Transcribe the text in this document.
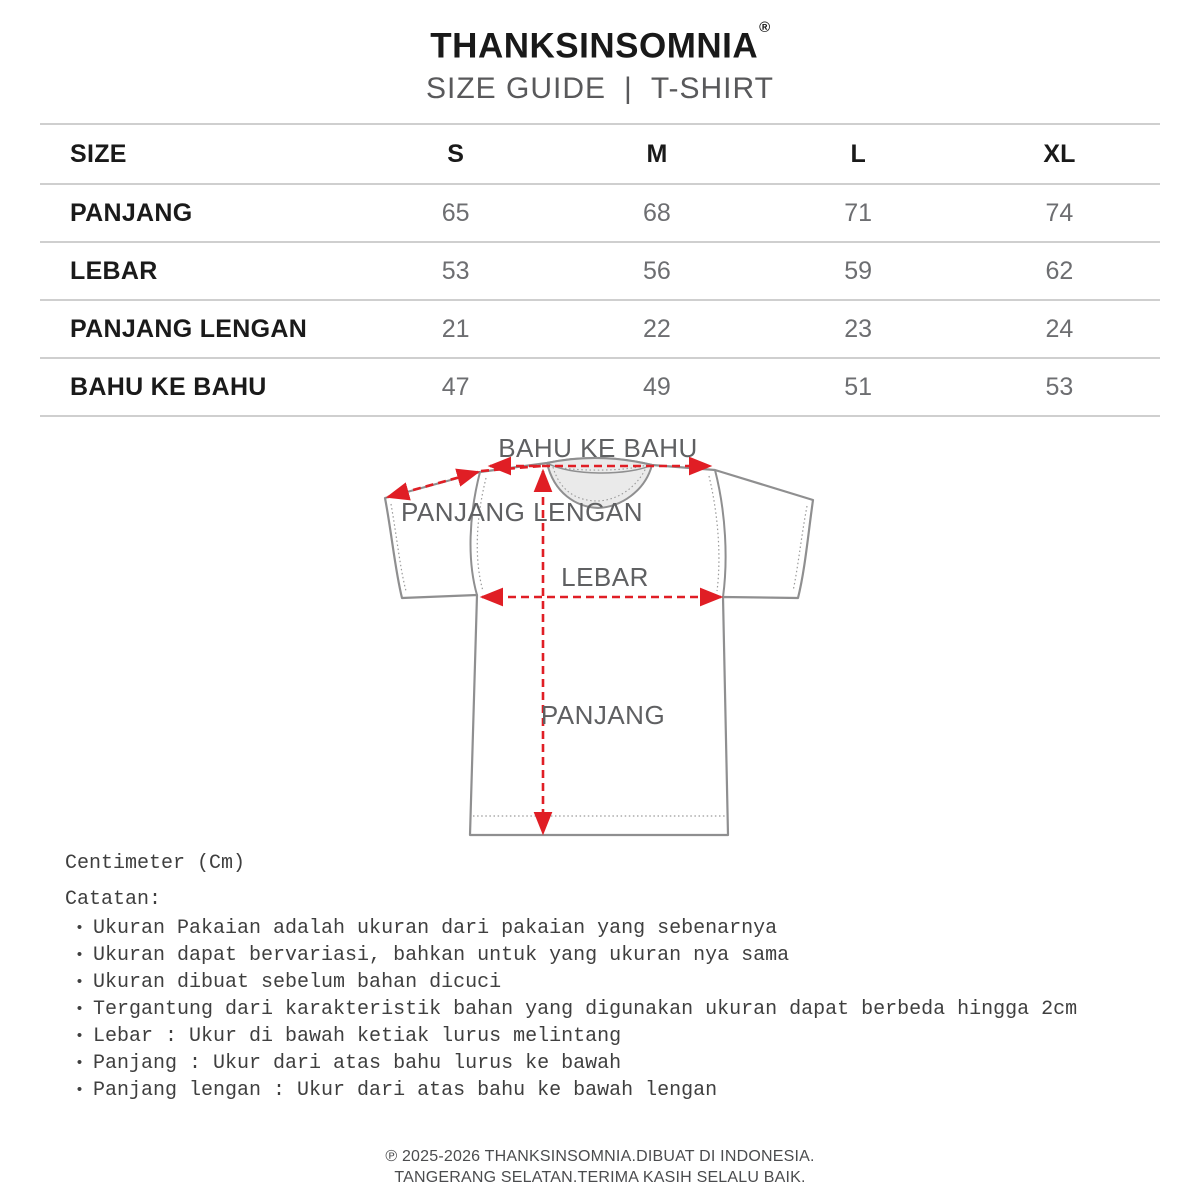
THANKSINSOMNIA®
SIZE GUIDE | T-SHIRT
SIZE	S	M	L	XL
PANJANG	65	68	71	74
LEBAR	53	56	59	62
PANJANG LENGAN	21	22	23	24
BAHU KE BAHU	47	49	51	53
BAHU KE BAHU
PANJANG LENGAN
LEBAR
PANJANG
Centimeter (Cm)
Catatan:
• Ukuran Pakaian adalah ukuran dari pakaian yang sebenarnya
• Ukuran dapat bervariasi, bahkan untuk yang ukuran nya sama
• Ukuran dibuat sebelum bahan dicuci
• Tergantung dari karakteristik bahan yang digunakan ukuran dapat berbeda hingga 2cm
• Lebar : Ukur di bawah ketiak lurus melintang
• Panjang : Ukur dari atas bahu lurus ke bawah
• Panjang lengan : Ukur dari atas bahu ke bawah lengan
℗ 2025-2026 THANKSINSOMNIA.DIBUAT DI INDONESIA.
TANGERANG SELATAN.TERIMA KASIH SELALU BAIK.
